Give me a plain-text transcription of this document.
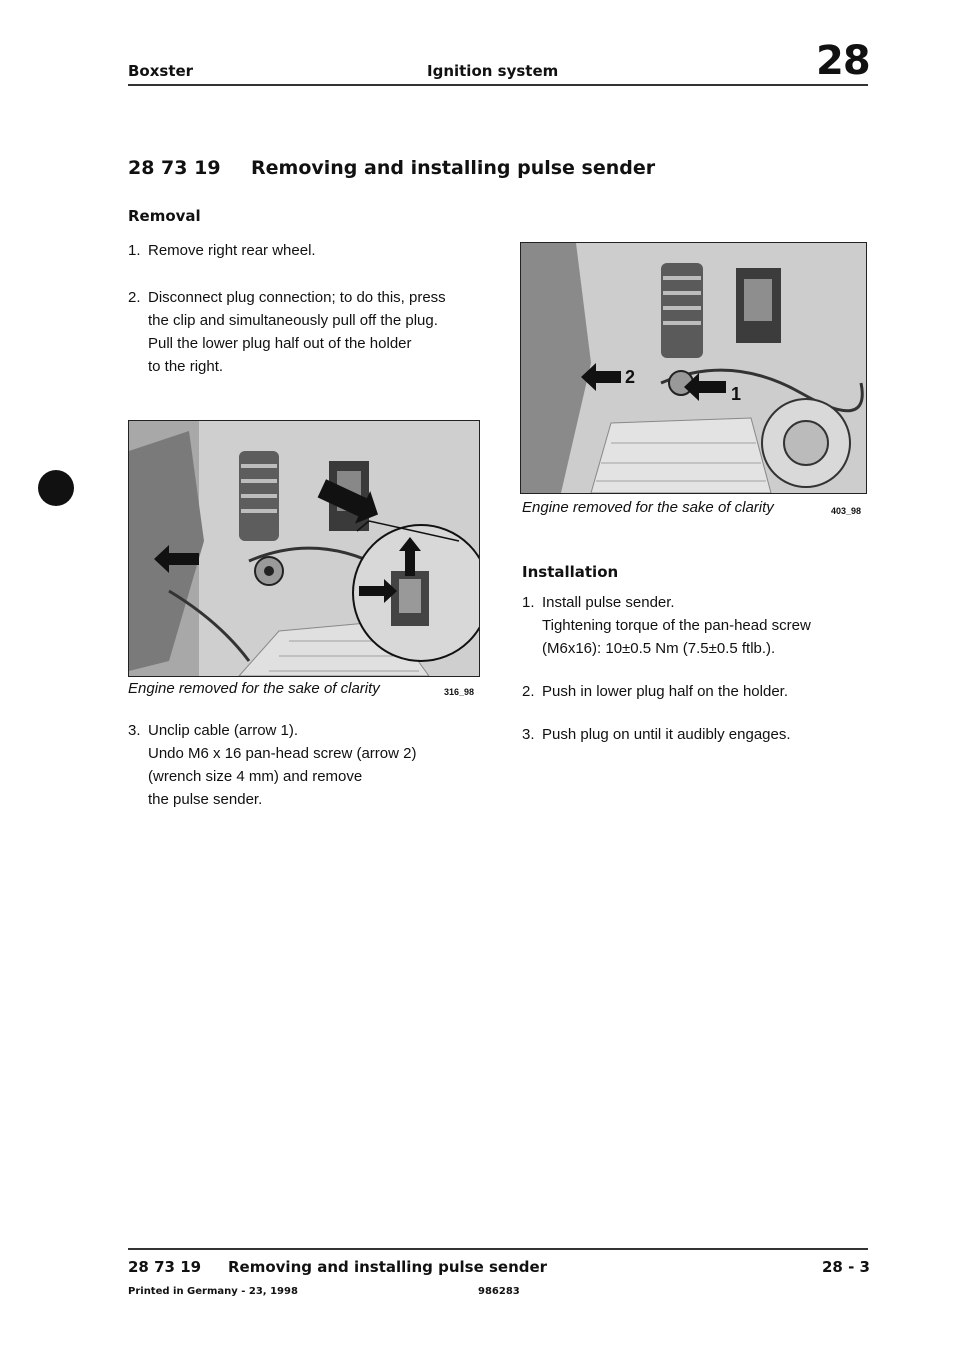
Boxster	Ignition system	28
28 73 19 Removing and installing pulse sender
Removal
1. Remove right rear wheel.
2. Disconnect plug connection; to do this, press
the clip and simultaneously pull off the plug.
Pull the lower plug half out of the holder
to the right.
Engine removed for the sake of clarity	316_98
3. Unclip cable (arrow 1).
Undo M6 x 16 pan-head screw (arrow 2)
(wrench size 4 mm) and remove
the pulse sender.
2
1
Engine removed for the sake of clarity	403_98
Installation
1. Install pulse sender.
Tightening torque of the pan-head screw
(M6x16): 10±0.5 Nm (7.5±0.5 ftlb.).
2. Push in lower plug half on the holder.
3. Push plug on until it audibly engages.
28 73 19 Removing and installing pulse sender	28 - 3
Printed in Germany - 23, 1998	986283
